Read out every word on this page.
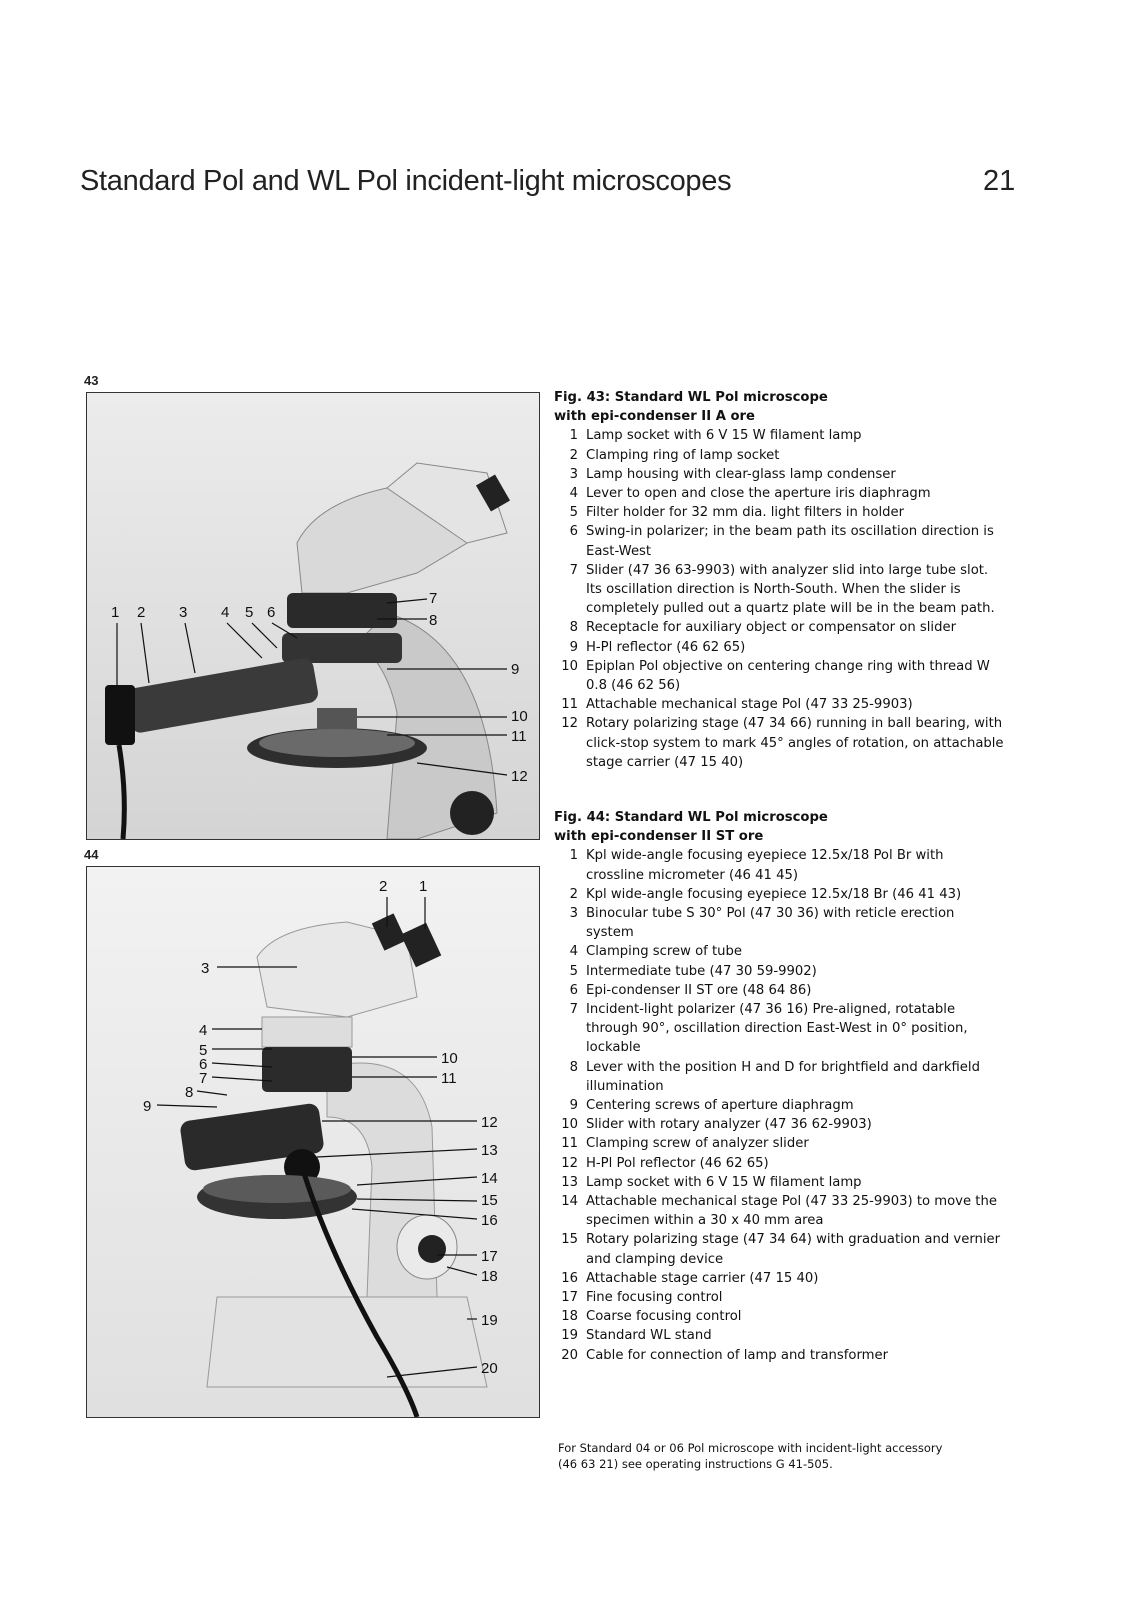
Standard Pol and WL Pol incident-light microscopes	21
43
1 2 3 4 5 6
7
8
9
10
11
12
44
1
2
3
4
5
6
7
8
9
10
11
12
13
14
15
16
17
18
19
20
Fig. 43: Standard WL Pol microscope
with epi-condenser II A ore
1 Lamp socket with 6 V 15 W filament lamp
2 Clamping ring of lamp socket
3 Lamp housing with clear-glass lamp condenser
4 Lever to open and close the aperture iris diaphragm
5 Filter holder for 32 mm dia. light filters in holder
6 Swing-in polarizer; in the beam path its oscillation direction is East-West
7 Slider (47 36 63-9903) with analyzer slid into large tube slot. Its oscillation direction is North-South. When the slider is completely pulled out a quartz plate will be in the beam path.
8 Receptacle for auxiliary object or compensator on slider
9 H-Pl reflector (46 62 65)
10 Epiplan Pol objective on centering change ring with thread W 0.8 (46 62 56)
11 Attachable mechanical stage Pol (47 33 25-9903)
12 Rotary polarizing stage (47 34 66) running in ball bearing, with click-stop system to mark 45° angles of rotation, on attachable stage carrier (47 15 40)
Fig. 44: Standard WL Pol microscope
with epi-condenser II ST ore
1 Kpl wide-angle focusing eyepiece 12.5x/18 Pol Br with crossline micrometer (46 41 45)
2 Kpl wide-angle focusing eyepiece 12.5x/18 Br (46 41 43)
3 Binocular tube S 30° Pol (47 30 36) with reticle erection system
4 Clamping screw of tube
5 Intermediate tube (47 30 59-9902)
6 Epi-condenser II ST ore (48 64 86)
7 Incident-light polarizer (47 36 16) Pre-aligned, rotatable through 90°, oscillation direction East-West in 0° position, lockable
8 Lever with the position H and D for brightfield and darkfield illumination
9 Centering screws of aperture diaphragm
10 Slider with rotary analyzer (47 36 62-9903)
11 Clamping screw of analyzer slider
12 H-Pl Pol reflector (46 62 65)
13 Lamp socket with 6 V 15 W filament lamp
14 Attachable mechanical stage Pol (47 33 25-9903) to move the specimen within a 30 x 40 mm area
15 Rotary polarizing stage (47 34 64) with graduation and vernier and clamping device
16 Attachable stage carrier (47 15 40)
17 Fine focusing control
18 Coarse focusing control
19 Standard WL stand
20 Cable for connection of lamp and transformer
For Standard 04 or 06 Pol microscope with incident-light accessory
(46 63 21) see operating instructions G 41-505.
